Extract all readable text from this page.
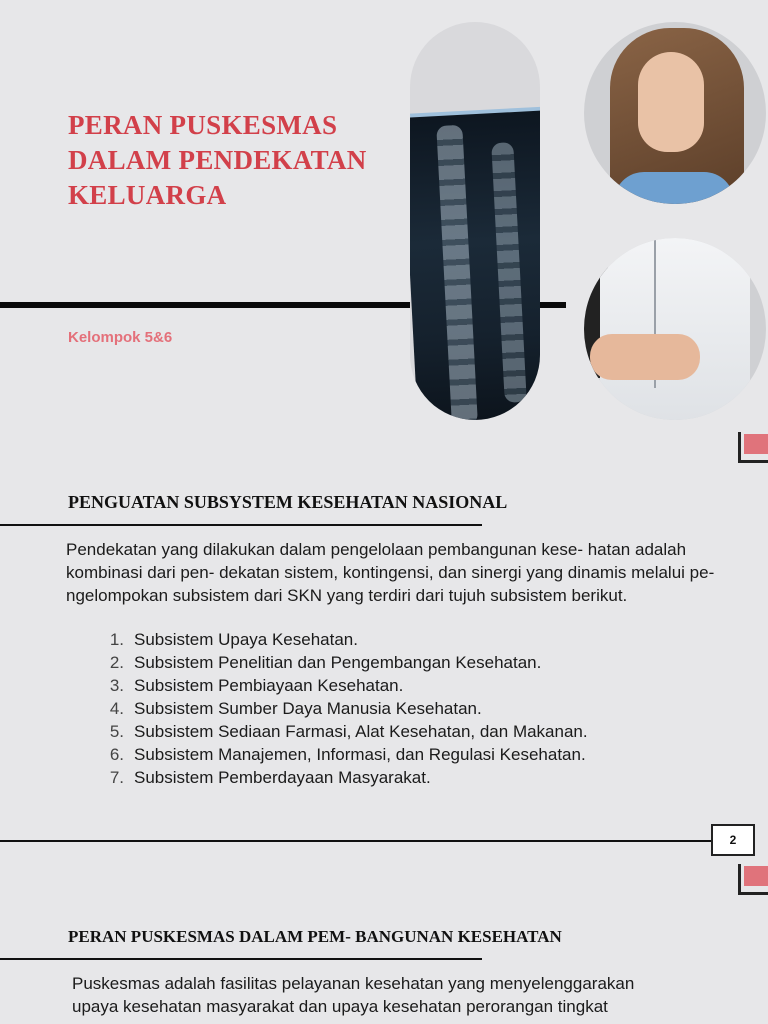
PERAN PUSKESMAS
DALAM PENDEKATAN
KELUARGA
Kelompok 5&6
PENGUATAN SUBSYSTEM KESEHATAN NASIONAL

Pendekatan yang dilakukan dalam pengelolaan pembangunan kese- hatan adalah kombinasi dari pen- dekatan sistem, kontingensi, dan sinergi yang dinamis melalui pe- ngelompokan subsistem dari SKN yang terdiri dari tujuh subsistem berikut.

1. Subsistem Upaya Kesehatan.
2. Subsistem Penelitian dan Pengembangan Kesehatan.
3. Subsistem Pembiayaan Kesehatan.
4. Subsistem Sumber Daya Manusia Kesehatan.
5. Subsistem Sediaan Farmasi, Alat Kesehatan, dan Makanan.
6. Subsistem Manajemen, Informasi, dan Regulasi Kesehatan.
7. Subsistem Pemberdayaan Masyarakat.
2
PERAN PUSKESMAS DALAM PEM- BANGUNAN KESEHATAN
Puskesmas adalah fasilitas pelayanan kesehatan yang menyelenggarakan
upaya kesehatan masyarakat dan upaya kesehatan perorangan tingkat
